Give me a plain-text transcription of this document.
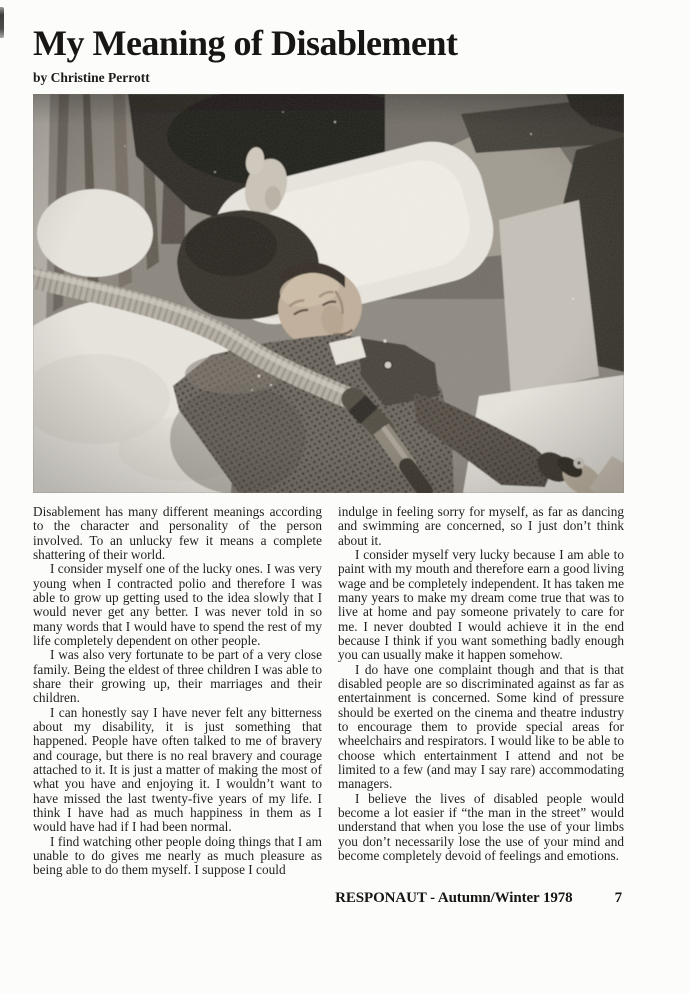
My Meaning of Disablement

by Christine Perrott

Disablement has many different meanings according to the character and personality of the person involved. To an unlucky few it means a complete shattering of their world.

I consider myself one of the lucky ones. I was very young when I contracted polio and therefore I was able to grow up getting used to the idea slowly that I would never get any better. I was never told in so many words that I would have to spend the rest of my life completely dependent on other people.

I was also very fortunate to be part of a very close family. Being the eldest of three children I was able to share their growing up, their marriages and their children.

I can honestly say I have never felt any bitterness about my disability, it is just something that happened. People have often talked to me of bravery and courage, but there is no real bravery and courage attached to it. It is just a matter of making the most of what you have and enjoying it. I wouldn’t want to have missed the last twenty-five years of my life. I think I have had as much happiness in them as I would have had if I had been normal.

I find watching other people doing things that I am unable to do gives me nearly as much pleasure as being able to do them myself. I suppose I could

indulge in feeling sorry for myself, as far as dancing and swimming are concerned, so I just don’t think about it.

I consider myself very lucky because I am able to paint with my mouth and therefore earn a good living wage and be completely independent. It has taken me many years to make my dream come true that was to live at home and pay someone privately to care for me. I never doubted I would achieve it in the end because I think if you want something badly enough you can usually make it happen somehow.

I do have one complaint though and that is that disabled people are so discriminated against as far as entertainment is concerned. Some kind of pressure should be exerted on the cinema and theatre industry to encourage them to provide special areas for wheelchairs and respirators. I would like to be able to choose which entertainment I attend and not be limited to a few (and may I say rare) accommodating managers.

I believe the lives of disabled people would become a lot easier if “the man in the street” would understand that when you lose the use of your limbs you don’t necessarily lose the use of your mind and become completely devoid of feelings and emotions.

RESPONAUT - Autumn/Winter 1978	7
